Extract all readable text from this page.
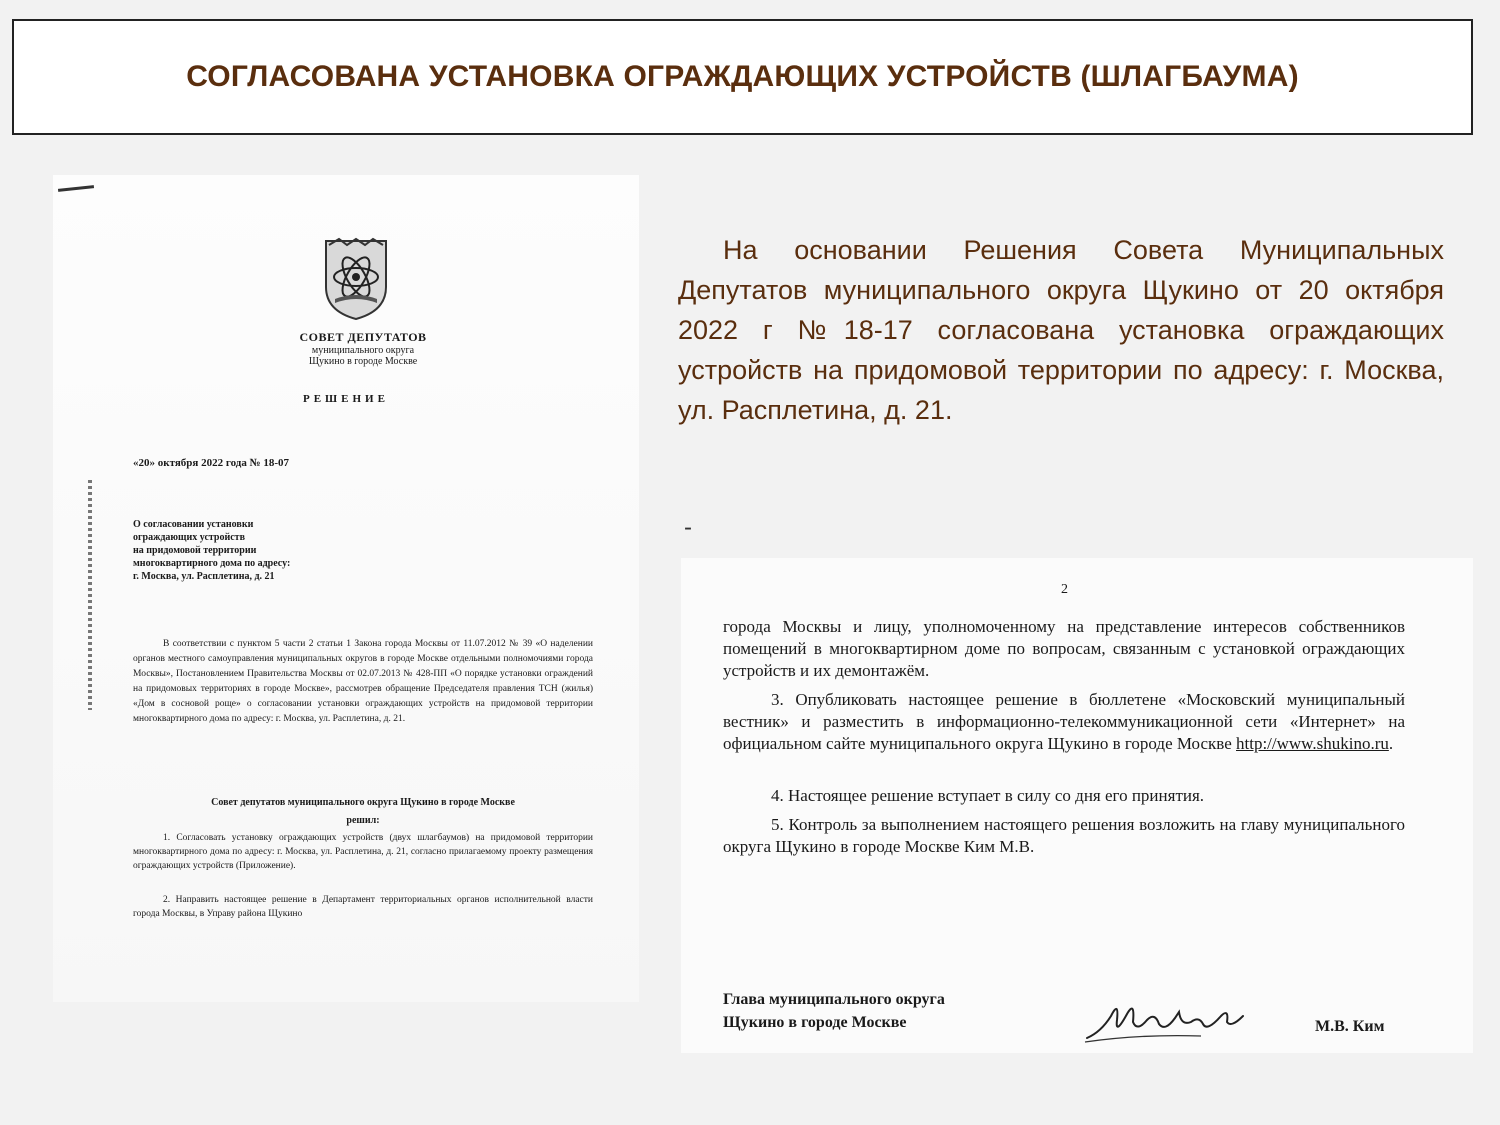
СОГЛАСОВАНА УСТАНОВКА ОГРАЖДАЮЩИХ УСТРОЙСТВ (ШЛАГБАУМА)

На основании Решения Совета Муниципальных Депутатов муниципального округа Щукино от 20 октября 2022 г №18-17 согласована установка ограждающих устройств на придомовой территории по адресу: г. Москва, ул. Расплетина, д. 21.

-
СОВЕТ ДЕПУТАТОВ
муниципального округа
Щукино в городе Москве
РЕШЕНИЕ
«20» октября 2022 года № 18-07
О согласовании установки
ограждающих устройств
на придомовой территории
многоквартирного дома по адресу:
г. Москва, ул. Расплетина, д. 21

В соответствии с пунктом 5 части 2 статьи 1 Закона города Москвы от 11.07.2012 № 39 «О наделении органов местного самоуправления муниципальных округов в городе Москве отдельными полномочиями города Москвы», Постановлением Правительства Москвы от 02.07.2013 № 428-ПП «О порядке установки ограждений на придомовых территориях в городе Москве», рассмотрев обращение Председателя правления ТСН (жилья) «Дом в сосновой роще» о согласовании установки ограждающих устройств на придомовой территории многоквартирного дома по адресу: г. Москва, ул. Расплетина, д. 21.

Совет депутатов муниципального округа Щукино в городе Москве
решил:

1. Согласовать установку ограждающих устройств (двух шлагбаумов) на придомовой территории многоквартирного дома по адресу: г. Москва, ул. Расплетина, д. 21, согласно прилагаемому проекту размещения ограждающих устройств (Приложение).

2. Направить настоящее решение в Департамент территориальных органов исполнительной власти города Москвы, в Управу района Щукино

2

города Москвы и лицу, уполномоченному на представление интересов собственников помещений в многоквартирном доме по вопросам, связанным с установкой ограждающих устройств и их демонтажём.

3. Опубликовать настоящее решение в бюллетене «Московский муниципальный вестник» и разместить в информационно-телекоммуникационной сети «Интернет» на официальном сайте муниципального округа Щукино в городе Москве http://www.shukino.ru.

4. Настоящее решение вступает в силу со дня его принятия.

5. Контроль за выполнением настоящего решения возложить на главу муниципального округа Щукино в городе Москве Ким М.В.

Глава муниципального округа
Щукино в городе Москве	М.В. Ким
